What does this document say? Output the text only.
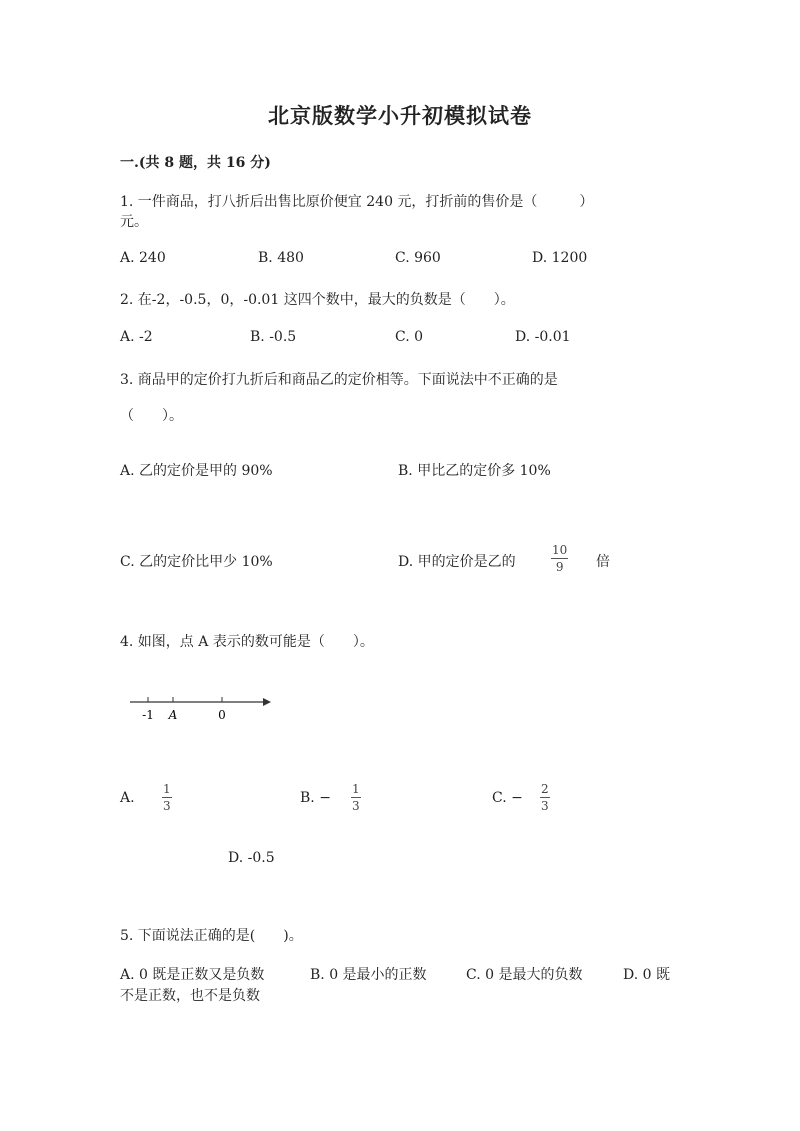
北京版数学小升初模拟试卷
一.(共 8 题，共 16 分)
1. 一件商品，打八折后出售比原价便宜 240 元，打折前的售价是（　　　）
元。
A. 240	B. 480	C. 960	D. 1200
2. 在-2，-0.5，0，-0.01 这四个数中，最大的负数是（　　）。
A. -2	B. -0.5	C. 0	D. -0.01
3. 商品甲的定价打九折后和商品乙的定价相等。下面说法中不正确的是
（　　）。
A. 乙的定价是甲的 90%	B. 甲比乙的定价多 10%
C. 乙的定价比甲少 10%	D. 甲的定价是乙的
10
9 倍
4. 如图，点 A 表示的数可能是（　　）。
-1 A	0
A.
1
3	B. −
1
3	C. −
2
3
D. -0.5
5. 下面说法正确的是(　　)。
A. 0 既是正数又是负数	B. 0 是最小的正数	C. 0 是最大的负数	D. 0 既
不是正数，也不是负数
